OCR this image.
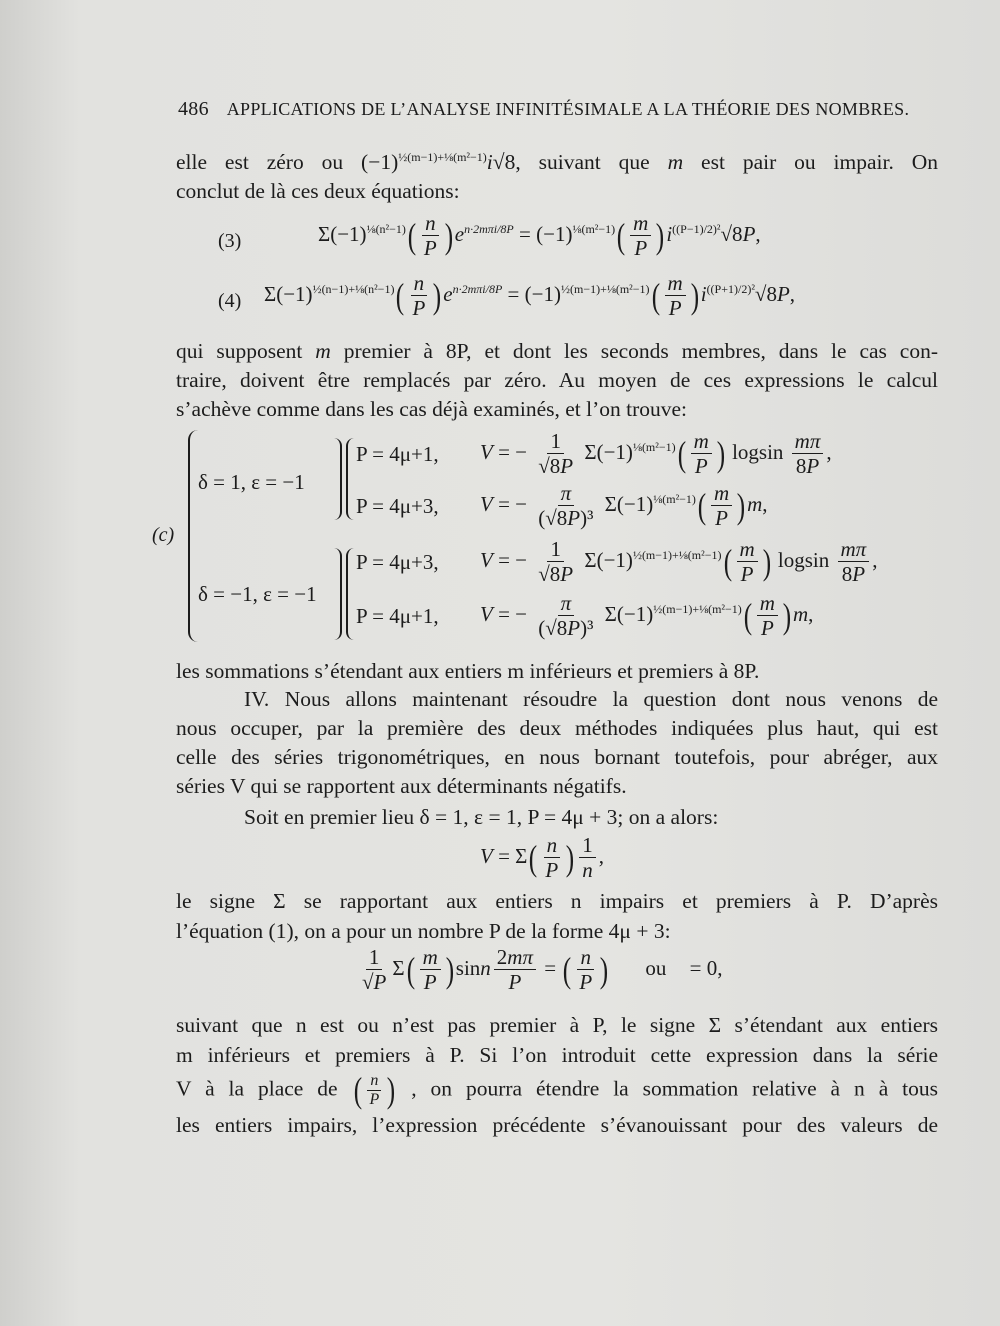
486 APPLICATIONS DE L’ANALYSE INFINITÉSIMALE A LA THÉORIE DES NOMBRES.
elle est zéro ou $(-1)^{\frac{1}{2}(m-1)+\frac{1}{8}(m^2-1)}i√8$, suivant que m est pair ou impair. On
conclut de là ces deux équations:
(3)	$\Sigma(-1)^{\frac{1}{8}(n^2-1)}( \frac{n}{P} )e^{n\cdot 2m\pi i/8P} = (-1)^{\frac{1}{8}(m^2-1)}( \frac{m}{P} )i^{((P-1)/2)^2}√8P$,
(4) $\Sigma(-1)^{\frac{1}{2}(n-1)+\frac{1}{8}(n^2-1)}( \frac{n}{P} )e^{n\cdot 2m\pi i/8P} = (-1)^{\frac{1}{2}(m-1)+\frac{1}{8}(m^2-1)}( \frac{m}{P} )i^{((P+1)/2)^2}√8P$,
qui supposent m premier à 8P, et dont les seconds membres, dans le cas con-
traire, doivent être remplacés par zéro. Au moyen de ces expressions le calcul
s’achève comme dans les cas déjà examinés, et l’on trouve:
(c)
δ = 1, ε = −1
δ = −1, ε = −1
P = 4μ+1, V = − $\frac{1}{√8P} \Sigma(-1)^{\frac{1}{8}(m^2-1)}( \frac{m}{P}$ ) logsin $\frac{m\pi}{8P}$ ,
P = 4μ+3, V = − $\frac{\pi}{\text{(√8P)³}} \Sigma(-1)^{\frac{1}{8}(m^2-1)}( \frac{m}{P} )m$,
P = 4μ+3, V = − $\frac{1}{√8P} \Sigma(-1)^{\frac{1}{2}(m-1)+\frac{1}{8}(m^2-1)}( \frac{m}{P}$ ) logsin $\frac{m\pi}{8P}$ ,
P = 4μ+1, V = − $\frac{\pi}{\text{(√8P)³}} \Sigma(-1)^{\frac{1}{2}(m-1)+\frac{1}{8}(m^2-1)}( \frac{m}{P} )m$,
les sommations s’étendant aux entiers m inférieurs et premiers à 8P.
IV. Nous allons maintenant résoudre la question dont nous venons de
nous occuper, par la première des deux méthodes indiquées plus haut, qui est
celle des séries trigonométriques, en nous bornant toutefois, pour abréger, aux
séries V qui se rapportent aux déterminants négatifs.
Soit en premier lieu δ = 1, ε = 1, P = 4μ + 3; on a alors:
$V = \Sigma( \frac{n}{P}$ ) $\frac{1}{n}$ ,
le signe Σ se rapportant aux entiers n impairs et premiers à P. D’après
l’équation (1), on a pour un nombre P de la forme 4μ + 3:
$\frac{1}{√P} \Sigma( \frac{m}{P} )\sin n \frac{2m\pi}{P}$ = ( $\frac{n}{P}$ ) ou = 0,
suivant que n est ou n’est pas premier à P, le signe Σ s’étendant aux entiers
m inférieurs et premiers à P. Si l’on introduit cette expression dans la série
V à la place de ( $\frac{n}{P}$ ) , on pourra étendre la sommation relative à n à tous
les entiers impairs, l’expression précédente s’évanouissant pour des valeurs de
